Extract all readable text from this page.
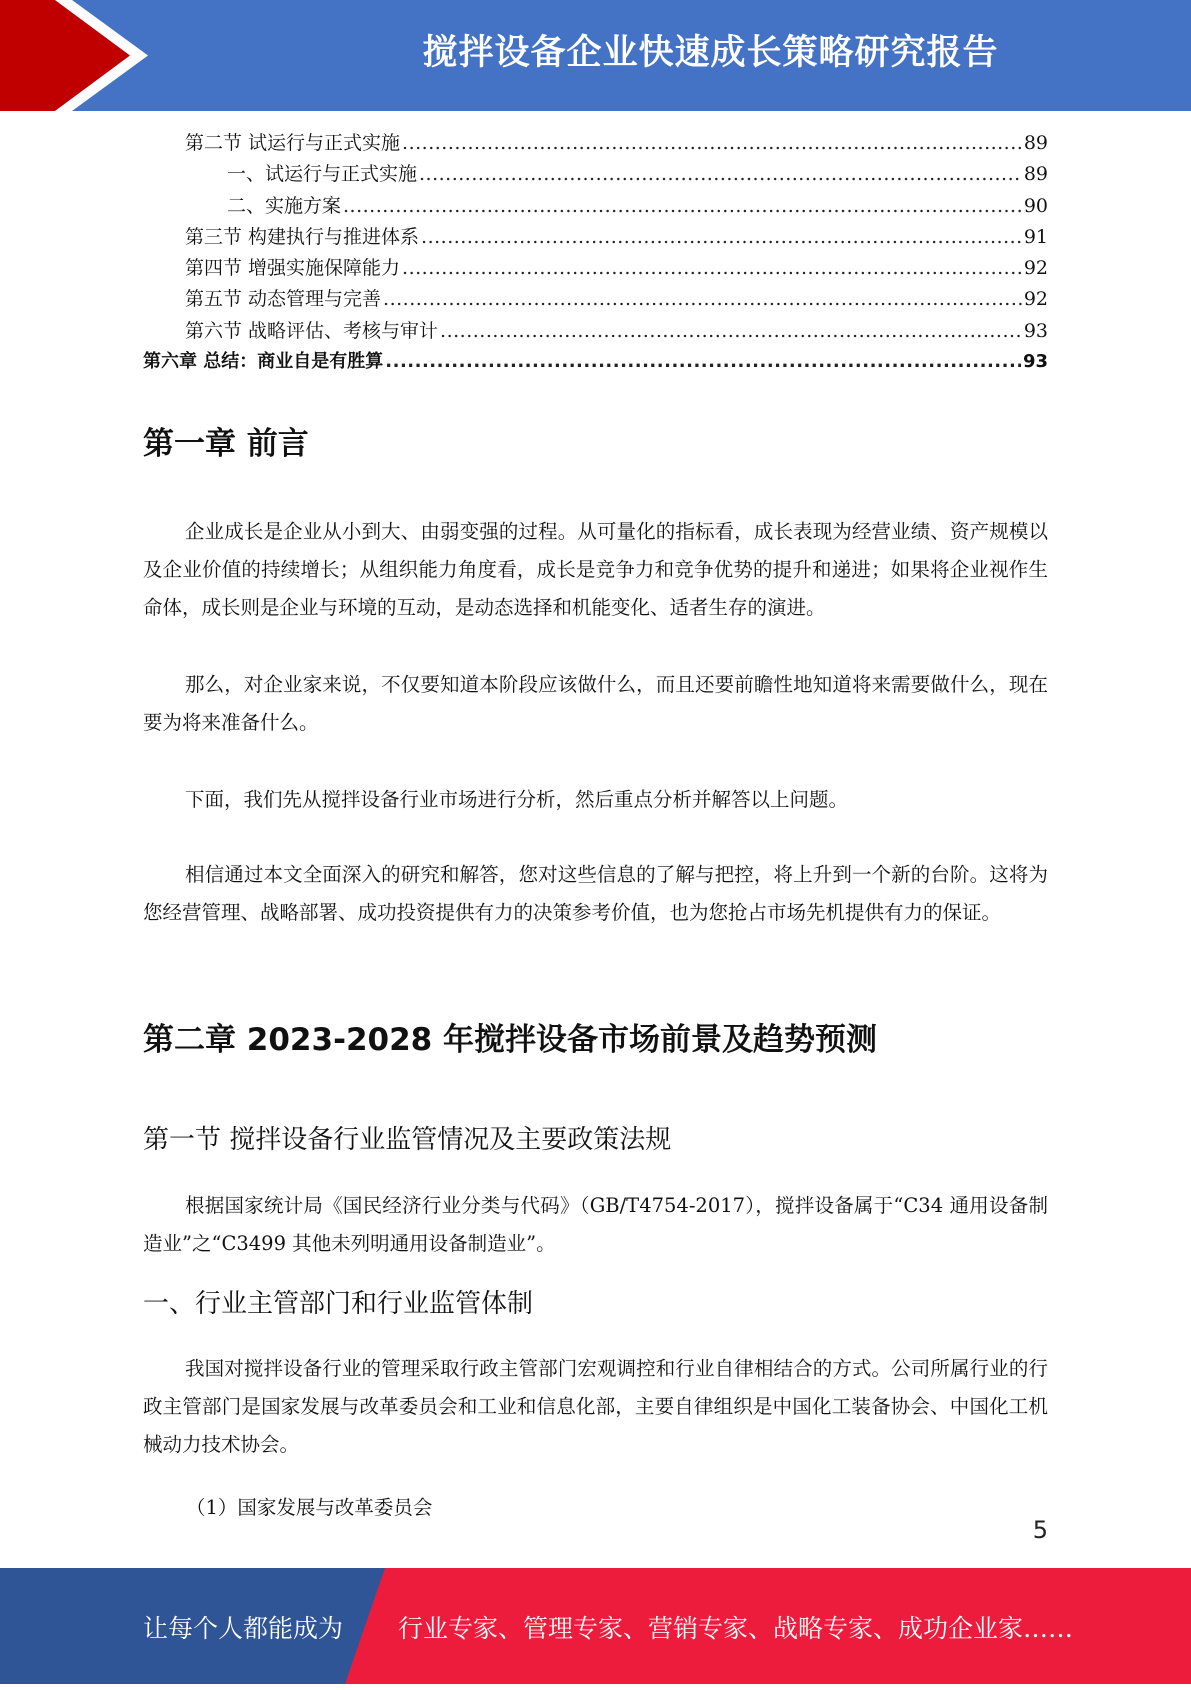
搅拌设备企业快速成长策略研究报告
第二节 试运行与正式实施 .....	89
一、试运行与正式实施 .....	89
二、实施方案 .....	90
第三节 构建执行与推进体系 .....	91
第四节 增强实施保障能力 .....	92
第五节 动态管理与完善 .....	92
第六节 战略评估、考核与审计 .....	93
第六章 总结：商业自是有胜算 .....	93
第一章 前言

企业成长是企业从小到大、由弱变强的过程。从可量化的指标看，成长表现为经营业绩、资产规模以及企业价值的持续增长；从组织能力角度看，成长是竞争力和竞争优势的提升和递进；如果将企业视作生命体，成长则是企业与环境的互动，是动态选择和机能变化、适者生存的演进。

那么，对企业家来说，不仅要知道本阶段应该做什么，而且还要前瞻性地知道将来需要做什么，现在要为将来准备什么。

下面，我们先从搅拌设备行业市场进行分析，然后重点分析并解答以上问题。

相信通过本文全面深入的研究和解答，您对这些信息的了解与把控，将上升到一个新的台阶。这将为您经营管理、战略部署、成功投资提供有力的决策参考价值，也为您抢占市场先机提供有力的保证。

第二章 2023-2028 年搅拌设备市场前景及趋势预测
第一节 搅拌设备行业监管情况及主要政策法规

根据国家统计局《国民经济行业分类与代码》（GB/T4754-2017），搅拌设备属于“C34 通用设备制造业”之“C3499 其他未列明通用设备制造业”。

一、行业主管部门和行业监管体制

我国对搅拌设备行业的管理采取行政主管部门宏观调控和行业自律相结合的方式。公司所属行业的行政主管部门是国家发展与改革委员会和工业和信息化部，主要自律组织是中国化工装备协会、中国化工机械动力技术协会。

（1）国家发展与改革委员会
5
让每个人都能成为 行业专家、管理专家、营销专家、战略专家、成功企业家……
